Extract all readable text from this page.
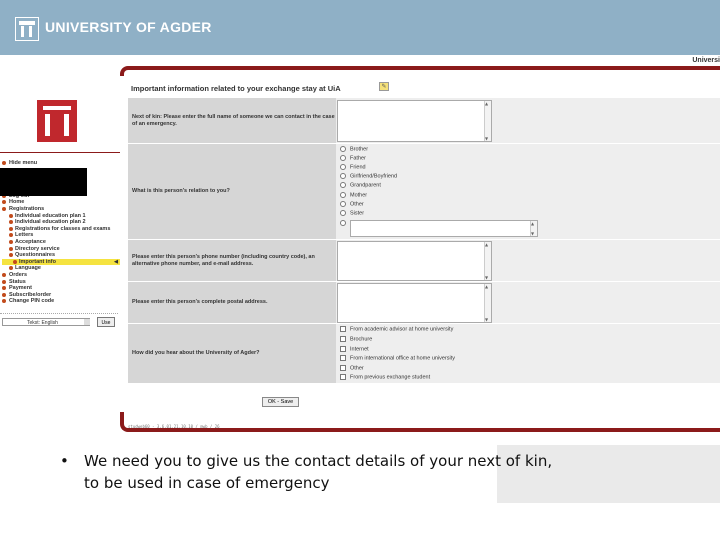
UNIVERSITY OF AGDER
Universi
Hide menu
Home
Registrations
Individual education plan 1
Individual education plan 2
Registrations for classes and exams
Letters
Acceptance
Directory service
Questionnaires
Important info	◀
Language
Orders
Status
Payment
Subscribe/order
Change PIN code
Tekst: English	Use
Important information related to your exchange stay at UiA	✎
Next of kin: Please enter the full name of someone we can contact in the case of an emergency.
▲ ▼
What is this person's relation to you?
Brother
Father
Friend
Girlfriend/Boyfriend
Grandparent
Mother
Other
Sister
▲ ▼
Please enter this person's phone number (including country code), an alternative phone number, and e-mail address.
▲ ▼
Please enter this person's complete postal address.
▲ ▼
How did you hear about the University of Agder?
From academic advisor at home university
Brochure
Internet
From international office at home university
Other
From previous exchange student
OK - Save
studweb60 - 3.6.01.21.10.10 / mwb / 26
• We need you to give us the contact details of your next of kin,
to be used in case of emergency
